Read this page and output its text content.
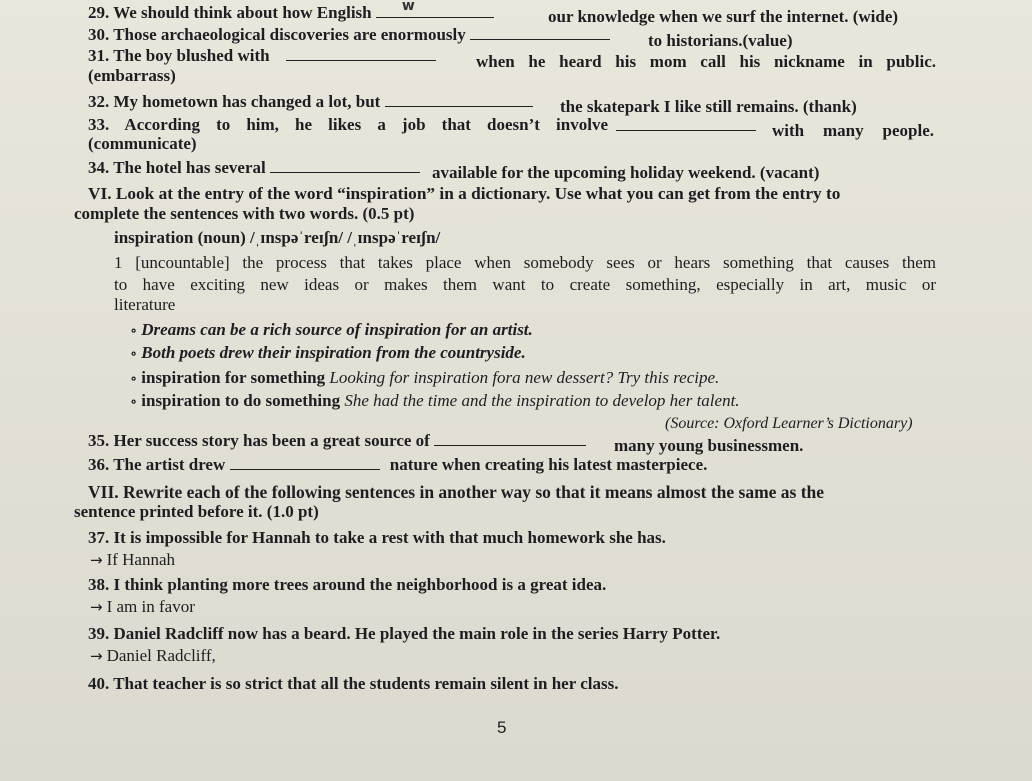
29. We should think about how English w
our knowledge when we surf the internet. (wide)
30. Those archaeological discoveries are enormously	to historians.(value)
31. The boy blushed with	when he heard his mom call his nickname in public.
(embarrass)
32. My hometown has changed a lot, but	the skatepark I like still remains. (thank)
33. According to him, he likes a job that doesn’t involve	with many people.
(communicate)
34. The hotel has several	available for the upcoming holiday weekend. (vacant)
VI. Look at the entry of the word “inspiration” in a dictionary. Use what you can get from the entry to
complete the sentences with two words. (0.5 pt)
inspiration (noun) /ˌɪnspəˈreɪʃn/ /ˌɪnspəˈreɪʃn/
1 [uncountable] the process that takes place when somebody sees or hears something that causes them
to have exciting new ideas or makes them want to create something, especially in art, music or
literature
∘ Dreams can be a rich source of inspiration for an artist.
∘ Both poets drew their inspiration from the countryside.
∘ inspiration for something Looking for inspiration fora new dessert? Try this recipe.
∘ inspiration to do something She had the time and the inspiration to develop her talent.
(Source: Oxford Learner’s Dictionary)
35. Her success story has been a great source of	many young businessmen.
36. The artist drew	nature when creating his latest masterpiece.
VII. Rewrite each of the following sentences in another way so that it means almost the same as the
sentence printed before it. (1.0 pt)
37. It is impossible for Hannah to take a rest with that much homework she has.
→ If Hannah
38. I think planting more trees around the neighborhood is a great idea.
→ I am in favor
39. Daniel Radcliff now has a beard. He played the main role in the series Harry Potter.
→ Daniel Radcliff,
40. That teacher is so strict that all the students remain silent in her class.
5
